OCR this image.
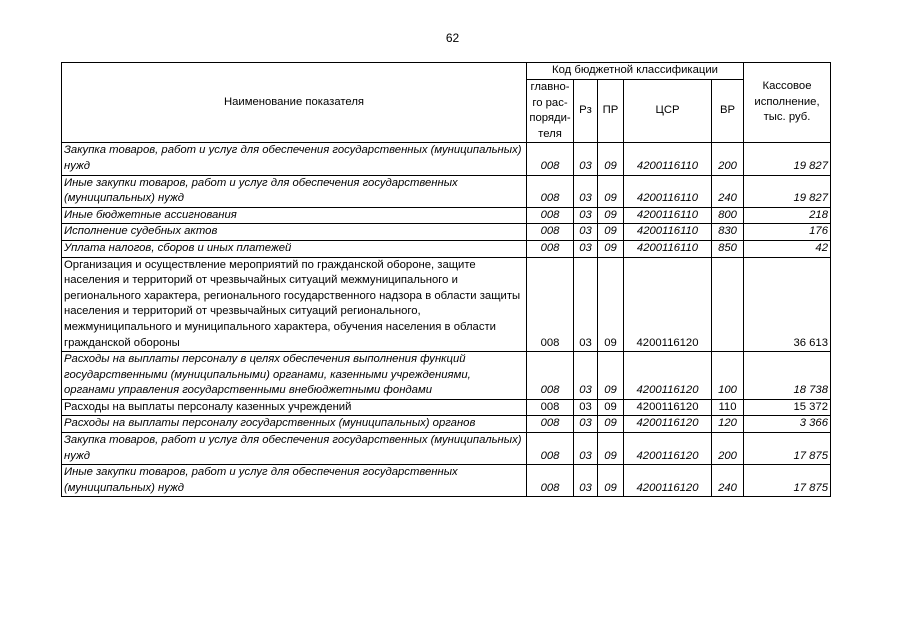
62
Наименование показателя	Код бюджетной классификации					Кассовое исполнение, тыс. руб.
	главно- го рас- поряди- теля	Рз	ПР	ЦСР	ВР	
Закупка товаров, работ и услуг для обеспечения государственных (муниципальных) нужд	008	03	09	4200116110	200	19 827
Иные закупки товаров, работ и услуг для обеспечения государственных (муниципальных) нужд	008	03	09	4200116110	240	19 827
Иные бюджетные ассигнования	008	03	09	4200116110	800	218
Исполнение судебных актов	008	03	09	4200116110	830	176
Уплата налогов, сборов и иных платежей	008	03	09	4200116110	850	42
Организация и осуществление мероприятий по гражданской обороне, защите населения и территорий от чрезвычайных ситуаций межмуниципального и регионального характера, регионального государственного надзора в области защиты населения и территорий от чрезвычайных ситуаций регионального, межмуниципального и муниципального характера, обучения населения в области гражданской обороны	008	03	09	4200116120		36 613
Расходы на выплаты персоналу в целях обеспечения выполнения функций государственными (муниципальными) органами, казенными учреждениями, органами управления государственными внебюджетными фондами	008	03	09	4200116120	100	18 738
Расходы на выплаты персоналу казенных учреждений	008	03	09	4200116120	110	15 372
Расходы на выплаты персоналу государственных (муниципальных) органов	008	03	09	4200116120	120	3 366
Закупка товаров, работ и услуг для обеспечения государственных (муниципальных) нужд	008	03	09	4200116120	200	17 875
Иные закупки товаров, работ и услуг для обеспечения государственных (муниципальных) нужд	008	03	09	4200116120	240	17 875
